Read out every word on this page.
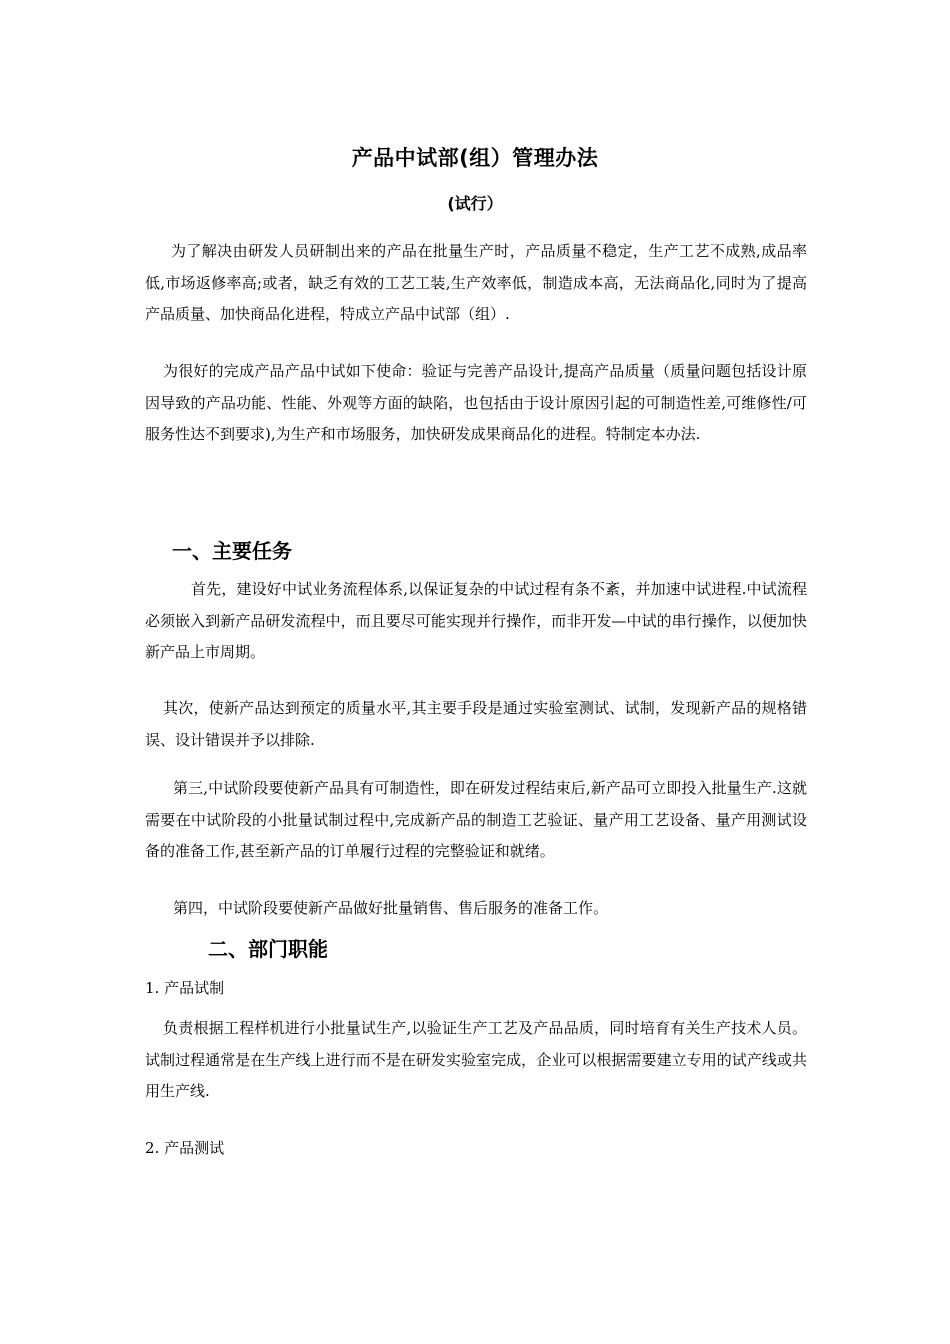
产品中试部(组）管理办法
(试行）

为了解决由研发人员研制出来的产品在批量生产时，产品质量不稳定，生产工艺不成熟,成品率低,市场返修率高;或者，缺乏有效的工艺工装,生产效率低，制造成本高，无法商品化,同时为了提高产品质量、加快商品化进程，特成立产品中试部（组）.

为很好的完成产品产品中试如下使命：验证与完善产品设计,提高产品质量（质量问题包括设计原因导致的产品功能、性能、外观等方面的缺陷，也包括由于设计原因引起的可制造性差,可维修性/可服务性达不到要求),为生产和市场服务，加快研发成果商品化的进程。特制定本办法.

一、主要任务

首先，建设好中试业务流程体系,以保证复杂的中试过程有条不紊，并加速中试进程.中试流程必须嵌入到新产品研发流程中，而且要尽可能实现并行操作，而非开发—中试的串行操作，以便加快新产品上市周期。

其次，使新产品达到预定的质量水平,其主要手段是通过实验室测试、试制，发现新产品的规格错误、设计错误并予以排除.

第三,中试阶段要使新产品具有可制造性，即在研发过程结束后,新产品可立即投入批量生产.这就需要在中试阶段的小批量试制过程中,完成新产品的制造工艺验证、量产用工艺设备、量产用测试设备的准备工作,甚至新产品的订单履行过程的完整验证和就绪。

第四，中试阶段要使新产品做好批量销售、售后服务的准备工作。

二、部门职能
1. 产品试制

负责根据工程样机进行小批量试生产,以验证生产工艺及产品品质，同时培育有关生产技术人员。试制过程通常是在生产线上进行而不是在研发实验室完成，企业可以根据需要建立专用的试产线或共用生产线.

2. 产品测试
